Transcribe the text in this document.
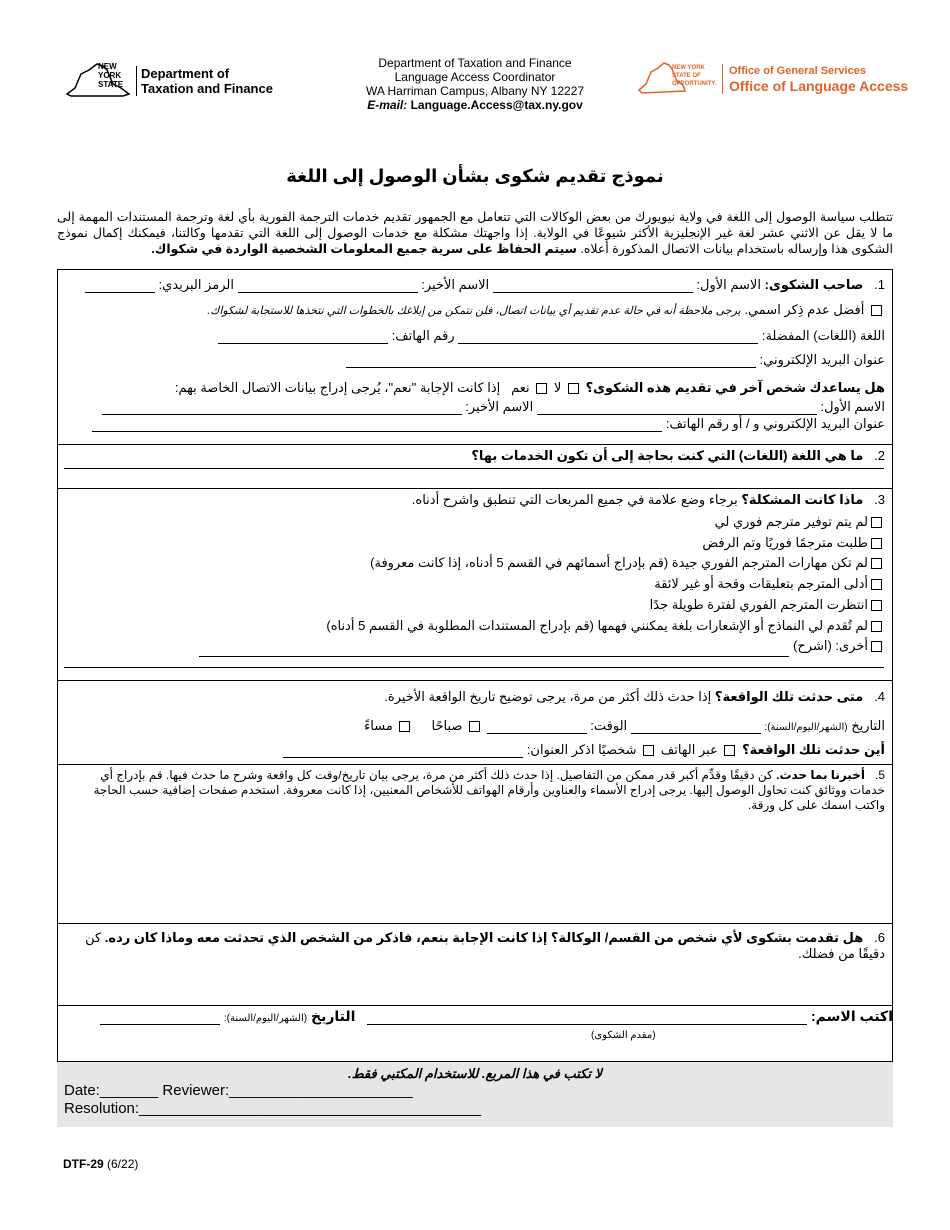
NEW YORK STATE
Department of
Taxation and Finance
Department of Taxation and Finance
Language Access Coordinator
WA Harriman Campus, Albany NY 12227
E-mail: Language.Access@tax.ny.gov
NEW YORK STATE OF OPPORTUNITY.
Office of General Services
Office of Language Access
نموذج تقديم شكوى بشأن الوصول إلى اللغة
تتطلب سياسة الوصول إلى اللغة في ولاية نيويورك من بعض الوكالات التي تتعامل مع الجمهور تقديم خدمات الترجمة الفورية بأي لغة وترجمة المستندات المهمة إلى ما لا يقل عن الاثني عشر لغة غير الإنجليزية الأكثر شيوعًا في الولاية. إذا واجهتك مشكلة مع خدمات الوصول إلى اللغة التي تقدمها وكالتنا، فيمكنك إكمال نموذج الشكوى هذا وإرساله باستخدام بيانات الاتصال المذكورة أعلاه. سيتم الحفاظ على سرية جميع المعلومات الشخصية الواردة في شكواك.
1.   صاحب الشكوى: الاسم الأول:  الاسم الأخير:  الرمز البريدي:
أفضل عدم ذِكر اسمي. يرجى ملاحظة أنه في حالة عدم تقديم أي بيانات اتصال، فلن نتمكن من إبلاغك بالخطوات التي نتخذها للاستجابة لشكواك.
اللغة (اللغات) المفضلة:  رقم الهاتف:
عنوان البريد الإلكتروني:
هل يساعدك شخص آخر في تقديم هذه الشكوى؟  لا  نعم   إذا كانت الإجابة "نعم"، يُرجى إدراج بيانات الاتصال الخاصة بهم:
الاسم الأول:  الاسم الأخير:
عنوان البريد الإلكتروني و / أو رقم الهاتف:
2.   ما هي اللغة (اللغات) التي كنت بحاجة إلى أن تكون الخدمات بها؟
3.   ماذا كانت المشكلة؟ برجاء وضع علامة في جميع المربعات التي تنطبق واشرح أدناه.
لم يتم توفير مترجم فوري لي
طلبت مترجمًا فوريًا وتم الرفض
لم تكن مهارات المترجم الفوري جيدة (قم بإدراج أسمائهم في القسم 5 أدناه، إذا كانت معروفة)
أدلى المترجم بتعليقات وقحة أو غير لائقة
انتظرت المترجم الفوري لفترة طويلة جدًا
لم تُقدم لي النماذج أو الإشعارات بلغة يمكنني فهمها (قم بإدراج المستندات المطلوبة في القسم 5 أدناه)
أخرى: (اشرح)
4.   متى حدثت تلك الواقعة؟ إذا حدث ذلك أكثر من مرة، يرجى توضيح تاريخ الواقعة الأخيرة.
التاريخ (الشهر/اليوم/السنة):  الوقت:   صباحًا      مساءً
أين حدثت تلك الواقعة؟  عبر الهاتف  شخصيًا اذكر العنوان:
5.   أخبرنا بما حدث. كن دقيقًا وقدِّم أكبر قدر ممكن من التفاصيل. إذا حدث ذلك أكثر من مرة، يرجى بيان تاريخ/وقت كل واقعة وشرح ما حدث فيها. قم بإدراج أي خدمات ووثائق كنت تحاول الوصول إليها. يرجى إدراج الأسماء والعناوين وأرقام الهواتف للأشخاص المعنيين، إذا كانت معروفة. استخدم صفحات إضافية حسب الحاجة واكتب اسمك على كل ورقة.
6.   هل تقدمت بشكوى لأي شخص من القسم/ الوكالة؟ إذا كانت الإجابة بنعم، فاذكر من الشخص الذي تحدثت معه وماذا كان رده. كن دقيقًا من فضلك.
اكتب الاسم:    التاريخ (الشهر/اليوم/السنة):
(مقدم الشكوى)
لا تكتب في هذا المربع. للاستخدام المكتبي فقط.
Date:_______ Reviewer:______________________
Resolution:_________________________________________
DTF-29 (6/22)
